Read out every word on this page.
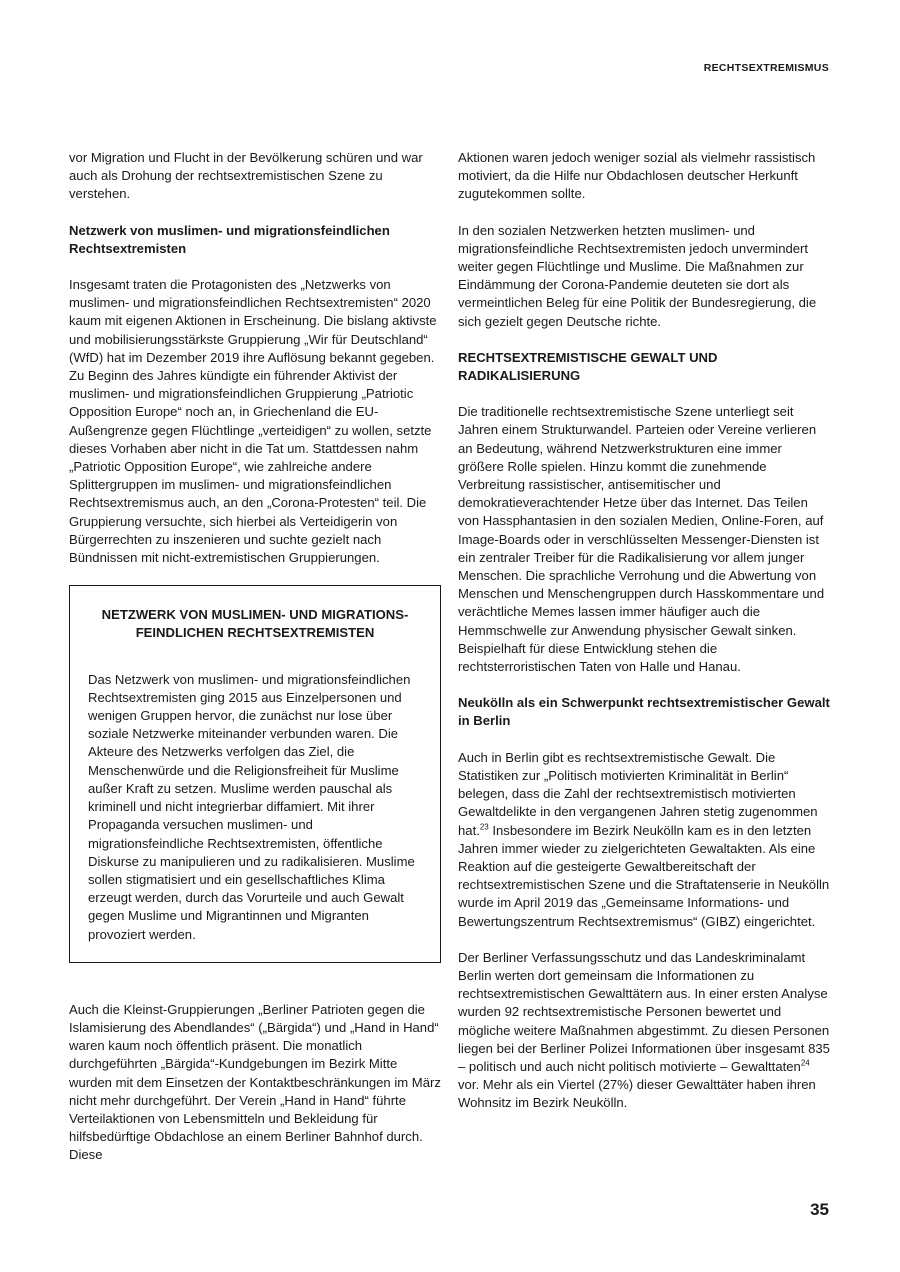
RECHTSEXTREMISMUS

vor Migration und Flucht in der Bevölkerung schüren und war auch als Drohung der rechtsextremistischen Szene zu verstehen.

Netzwerk von muslimen- und migrationsfeindlichen Rechtsextremisten

Insgesamt traten die Protagonisten des „Netzwerks von muslimen- und migrationsfeindlichen Rechtsextremisten“ 2020 kaum mit eigenen Aktionen in Erscheinung. Die bislang aktivste und mobilisierungsstärkste Gruppierung „Wir für Deutschland“ (WfD) hat im Dezember 2019 ihre Auflösung bekannt gegeben. Zu Beginn des Jahres kündigte ein führender Aktivist der muslimen- und migrationsfeindlichen Gruppierung „Patriotic Opposition Europe“ noch an, in Griechenland die EU-Außengrenze gegen Flüchtlinge „verteidigen“ zu wollen, setzte dieses Vorhaben aber nicht in die Tat um. Stattdessen nahm „Patriotic Opposition Europe“, wie zahlreiche andere Splittergruppen im muslimen- und migrationsfeindlichen Rechtsextremismus auch, an den „Corona-Protesten“ teil. Die Gruppierung versuchte, sich hierbei als Verteidigerin von Bürgerrechten zu inszenieren und suchte gezielt nach Bündnissen mit nicht-extremistischen Gruppierungen.

NETZWERK VON MUSLIMEN- UND MIGRATIONS-FEINDLICHEN RECHTSEXTREMISTEN

Das Netzwerk von muslimen- und migrationsfeindlichen Rechtsextremisten ging 2015 aus Einzelpersonen und wenigen Gruppen hervor, die zunächst nur lose über soziale Netzwerke miteinander verbunden waren. Die Akteure des Netzwerks verfolgen das Ziel, die Menschenwürde und die Religionsfreiheit für Muslime außer Kraft zu setzen. Muslime werden pauschal als kriminell und nicht integrierbar diffamiert. Mit ihrer Propaganda versuchen muslimen- und migrationsfeindliche Rechtsextremisten, öffentliche Diskurse zu manipulieren und zu radikalisieren. Muslime sollen stigmatisiert und ein gesellschaftliches Klima erzeugt werden, durch das Vorurteile und auch Gewalt gegen Muslime und Migrantinnen und Migranten provoziert werden.

Auch die Kleinst-Gruppierungen „Berliner Patrioten gegen die Islamisierung des Abendlandes“ („Bärgida“) und „Hand in Hand“ waren kaum noch öffentlich präsent. Die monatlich durchgeführten „Bärgida“-Kundgebungen im Bezirk Mitte wurden mit dem Einsetzen der Kontaktbeschränkungen im März nicht mehr durchgeführt. Der Verein „Hand in Hand“ führte Verteilaktionen von Lebensmitteln und Bekleidung für hilfsbedürftige Obdachlose an einem Berliner Bahnhof durch. Diese

Aktionen waren jedoch weniger sozial als vielmehr rassistisch motiviert, da die Hilfe nur Obdachlosen deutscher Herkunft zugutekommen sollte.

In den sozialen Netzwerken hetzten muslimen- und migrationsfeindliche Rechtsextremisten jedoch unvermindert weiter gegen Flüchtlinge und Muslime. Die Maßnahmen zur Eindämmung der Corona-Pandemie deuteten sie dort als vermeintlichen Beleg für eine Politik der Bundesregierung, die sich gezielt gegen Deutsche richte.

RECHTSEXTREMISTISCHE GEWALT UND RADIKALISIERUNG

Die traditionelle rechtsextremistische Szene unterliegt seit Jahren einem Strukturwandel. Parteien oder Vereine verlieren an Bedeutung, während Netzwerkstrukturen eine immer größere Rolle spielen. Hinzu kommt die zunehmende Verbreitung rassistischer, antisemitischer und demokratieverachtender Hetze über das Internet. Das Teilen von Hassphantasien in den sozialen Medien, Online-Foren, auf Image-Boards oder in verschlüsselten Messenger-Diensten ist ein zentraler Treiber für die Radikalisierung vor allem junger Menschen. Die sprachliche Verrohung und die Abwertung von Menschen und Menschengruppen durch Hasskommentare und verächtliche Memes lassen immer häufiger auch die Hemmschwelle zur Anwendung physischer Gewalt sinken. Beispielhaft für diese Entwicklung stehen die rechtsterroristischen Taten von Halle und Hanau.

Neukölln als ein Schwerpunkt rechtsextremistischer Gewalt in Berlin

Auch in Berlin gibt es rechtsextremistische Gewalt. Die Statistiken zur „Politisch motivierten Kriminalität in Berlin“ belegen, dass die Zahl der rechtsextremistisch motivierten Gewaltdelikte in den vergangenen Jahren stetig zugenommen hat.$^{23}$ Insbesondere im Bezirk Neukölln kam es in den letzten Jahren immer wieder zu zielgerichteten Gewaltakten. Als eine Reaktion auf die gesteigerte Gewaltbereitschaft der rechtsextremistischen Szene und die Straftatenserie in Neukölln wurde im April 2019 das „Gemeinsame Informations- und Bewertungszentrum Rechtsextremismus“ (GIBZ) eingerichtet.

Der Berliner Verfassungsschutz und das Landeskriminalamt Berlin werten dort gemeinsam die Informationen zu rechtsextremistischen Gewalttätern aus. In einer ersten Analyse wurden 92 rechtsextremistische Personen bewertet und mögliche weitere Maßnahmen abgestimmt. Zu diesen Personen liegen bei der Berliner Polizei Informationen über insgesamt 835 – politisch und auch nicht politisch motivierte – Gewalttaten$^{24}$ vor. Mehr als ein Viertel (27%) dieser Gewalttäter haben ihren Wohnsitz im Bezirk Neukölln.

35
